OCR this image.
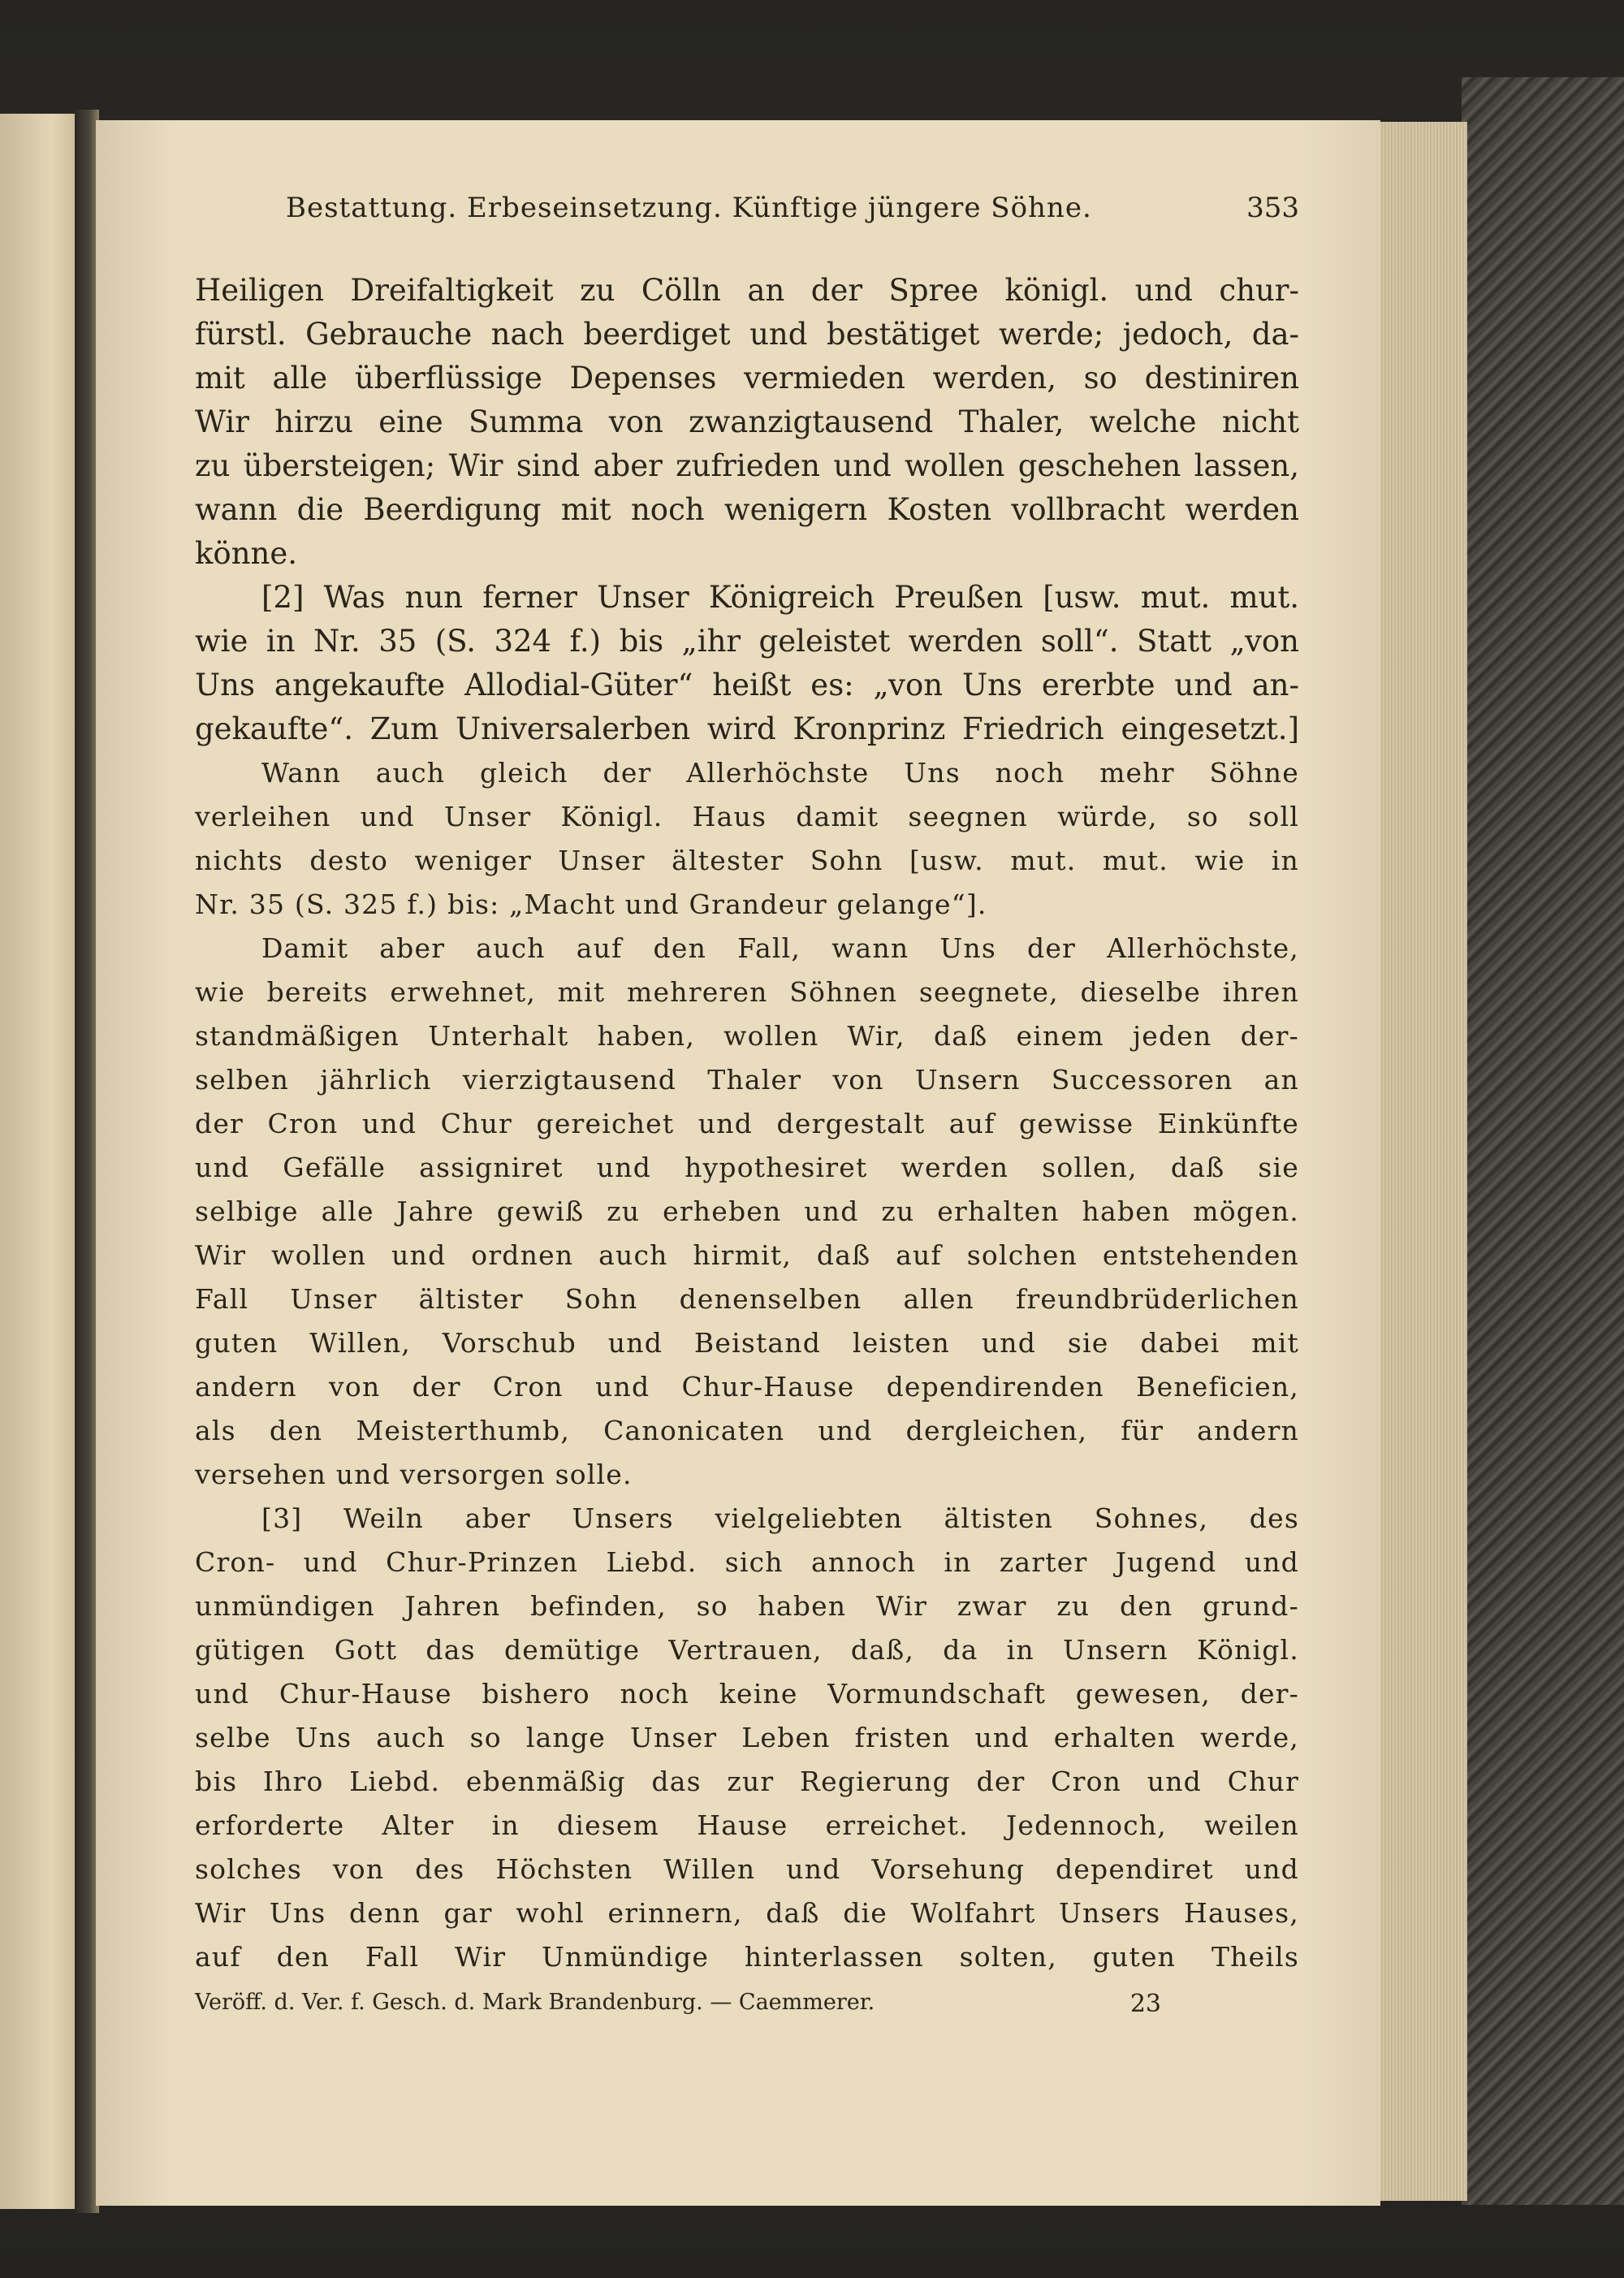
Bestattung. Erbeseinsetzung. Künftige jüngere Söhne.	353
Heiligen Dreifaltigkeit zu Cölln an der Spree königl. und chur-
fürstl. Gebrauche nach beerdiget und bestätiget werde; jedoch, da-
mit alle überflüssige Depenses vermieden werden, so destiniren
Wir hirzu eine Summa von zwanzigtausend Thaler, welche nicht
zu übersteigen; Wir sind aber zufrieden und wollen geschehen lassen,
wann die Beerdigung mit noch wenigern Kosten vollbracht werden
könne.
[2] Was nun ferner Unser Königreich Preußen [usw. mut. mut.
wie in Nr. 35 (S. 324 f.) bis „ihr geleistet werden soll“. Statt „von
Uns angekaufte Allodial-Güter“ heißt es: „von Uns ererbte und an-
gekaufte“. Zum Universalerben wird Kronprinz Friedrich eingesetzt.]
Wann auch gleich der Allerhöchste Uns noch mehr Söhne
verleihen und Unser Königl. Haus damit seegnen würde, so soll
nichts desto weniger Unser ältester Sohn [usw. mut. mut. wie in
Nr. 35 (S. 325 f.) bis: „Macht und Grandeur gelange“].
Damit aber auch auf den Fall, wann Uns der Allerhöchste,
wie bereits erwehnet, mit mehreren Söhnen seegnete, dieselbe ihren
standmäßigen Unterhalt haben, wollen Wir, daß einem jeden der-
selben jährlich vierzigtausend Thaler von Unsern Successoren an
der Cron und Chur gereichet und dergestalt auf gewisse Einkünfte
und Gefälle assigniret und hypothesiret werden sollen, daß sie
selbige alle Jahre gewiß zu erheben und zu erhalten haben mögen.
Wir wollen und ordnen auch hirmit, daß auf solchen entstehenden
Fall Unser ältister Sohn denenselben allen freundbrüderlichen
guten Willen, Vorschub und Beistand leisten und sie dabei mit
andern von der Cron und Chur-Hause dependirenden Beneficien,
als den Meisterthumb, Canonicaten und dergleichen, für andern
versehen und versorgen solle.
[3] Weiln aber Unsers vielgeliebten ältisten Sohnes, des
Cron- und Chur-Prinzen Liebd. sich annoch in zarter Jugend und
unmündigen Jahren befinden, so haben Wir zwar zu den grund-
gütigen Gott das demütige Vertrauen, daß, da in Unsern Königl.
und Chur-Hause bishero noch keine Vormundschaft gewesen, der-
selbe Uns auch so lange Unser Leben fristen und erhalten werde,
bis Ihro Liebd. ebenmäßig das zur Regierung der Cron und Chur
erforderte Alter in diesem Hause erreichet. Jedennoch, weilen
solches von des Höchsten Willen und Vorsehung dependiret und
Wir Uns denn gar wohl erinnern, daß die Wolfahrt Unsers Hauses,
auf den Fall Wir Unmündige hinterlassen solten, guten Theils
Veröff. d. Ver. f. Gesch. d. Mark Brandenburg. — Caemmerer.	23
